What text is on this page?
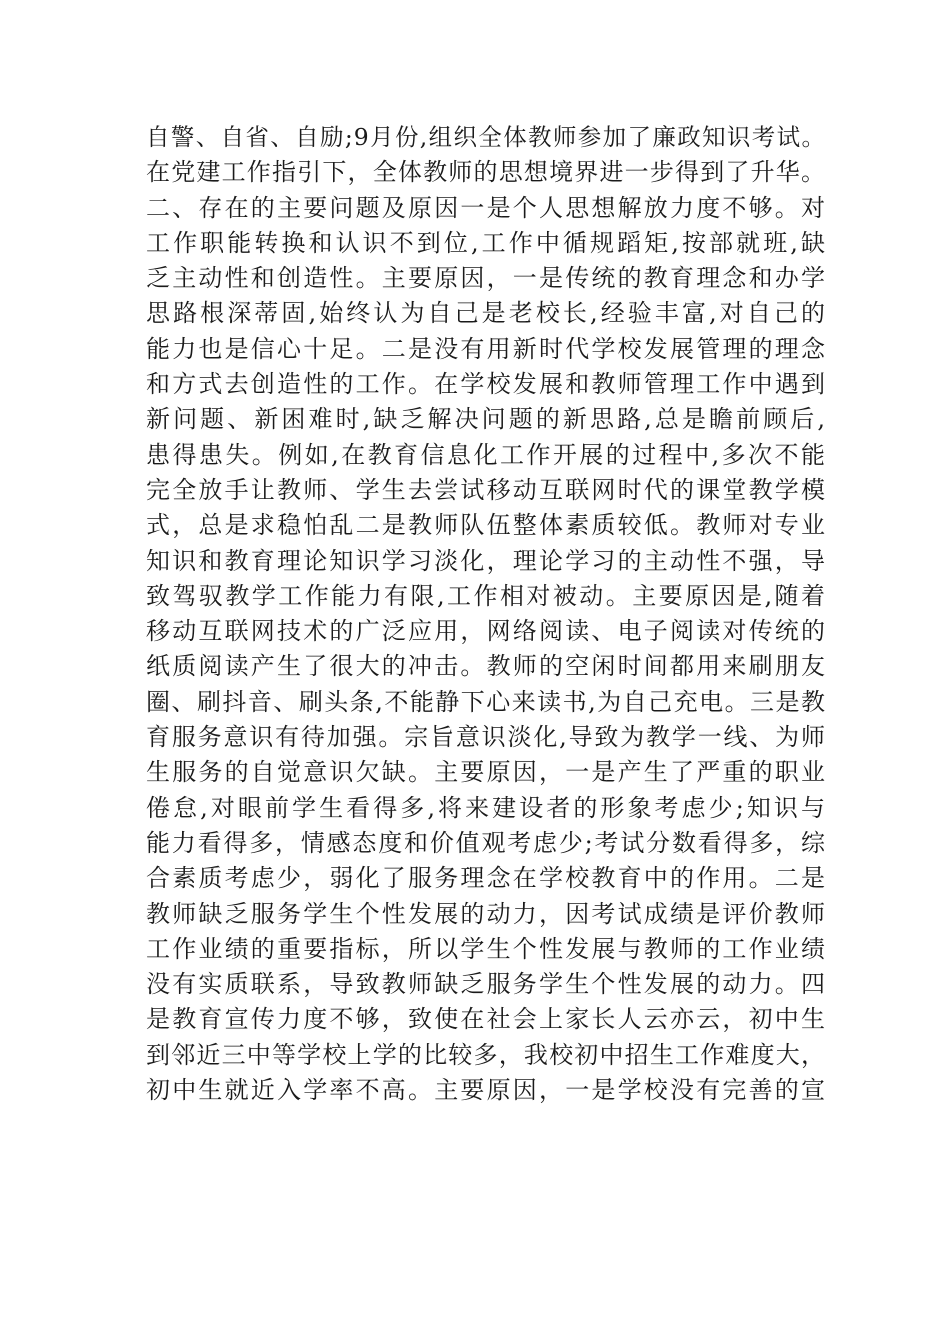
自警、自省、自励;9月份,组织全体教师参加了廉政知识考试。
在党建工作指引下，全体教师的思想境界进一步得到了升华。
二、存在的主要问题及原因一是个人思想解放力度不够。对
工作职能转换和认识不到位,工作中循规蹈矩,按部就班,缺
乏主动性和创造性。主要原因，一是传统的教育理念和办学
思路根深蒂固,始终认为自己是老校长,经验丰富,对自己的
能力也是信心十足。二是没有用新时代学校发展管理的理念
和方式去创造性的工作。在学校发展和教师管理工作中遇到
新问题、新困难时,缺乏解决问题的新思路,总是瞻前顾后,
患得患失。例如,在教育信息化工作开展的过程中,多次不能
完全放手让教师、学生去尝试移动互联网时代的课堂教学模
式，总是求稳怕乱二是教师队伍整体素质较低。教师对专业
知识和教育理论知识学习淡化，理论学习的主动性不强，导
致驾驭教学工作能力有限,工作相对被动。主要原因是,随着
移动互联网技术的广泛应用，网络阅读、电子阅读对传统的
纸质阅读产生了很大的冲击。教师的空闲时间都用来刷朋友
圈、刷抖音、刷头条,不能静下心来读书,为自己充电。三是教
育服务意识有待加强。宗旨意识淡化,导致为教学一线、为师
生服务的自觉意识欠缺。主要原因，一是产生了严重的职业
倦怠,对眼前学生看得多,将来建设者的形象考虑少;知识与
能力看得多，情感态度和价值观考虑少;考试分数看得多，综
合素质考虑少，弱化了服务理念在学校教育中的作用。二是
教师缺乏服务学生个性发展的动力，因考试成绩是评价教师
工作业绩的重要指标，所以学生个性发展与教师的工作业绩
没有实质联系，导致教师缺乏服务学生个性发展的动力。四
是教育宣传力度不够，致使在社会上家长人云亦云，初中生
到邻近三中等学校上学的比较多，我校初中招生工作难度大，
初中生就近入学率不高。主要原因，一是学校没有完善的宣
